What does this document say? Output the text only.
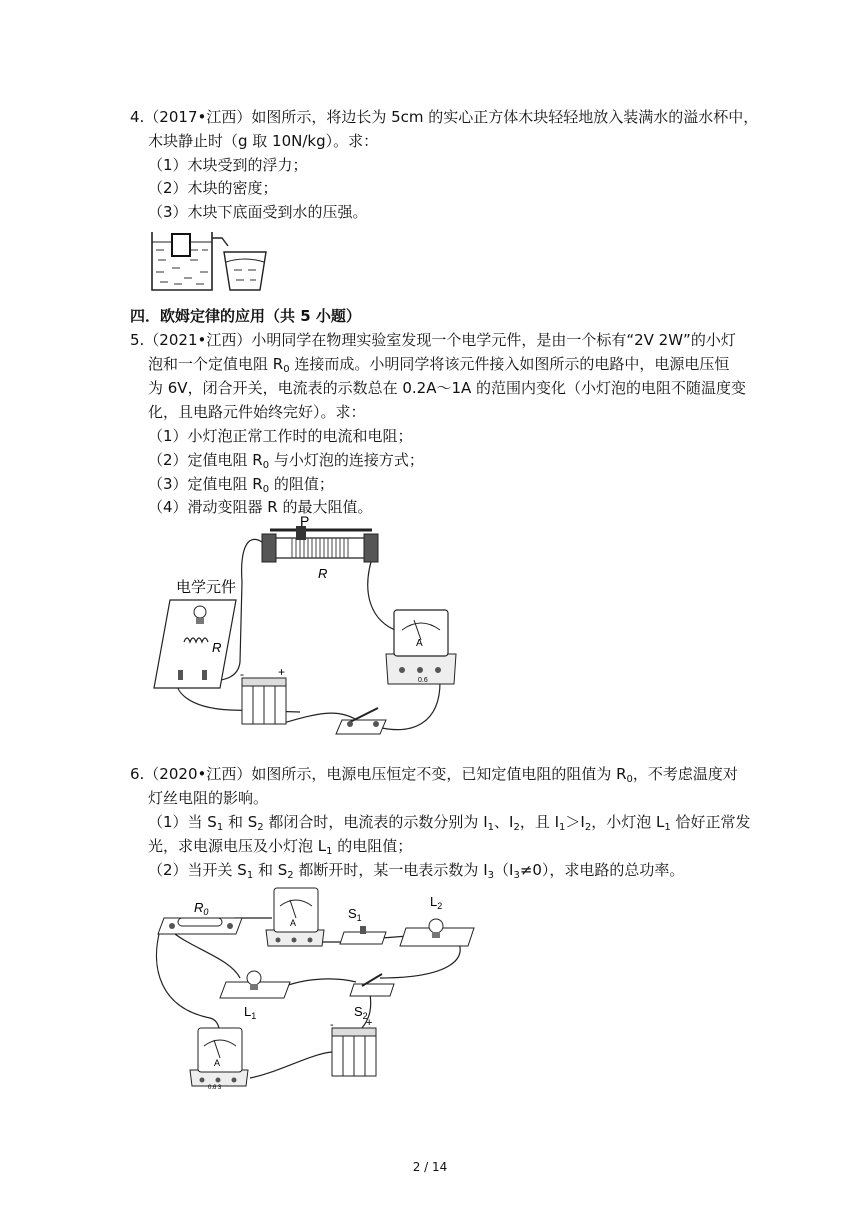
4.（2017•江西）如图所示，将边长为 5cm 的实心正方体木块轻轻地放入装满水的溢水杯中，
木块静止时（g 取 10N/kg）。求：
（1）木块受到的浮力；
（2）木块的密度；
（3）木块下底面受到水的压强。
四．欧姆定律的应用（共 5 小题）
5.（2021•江西）小明同学在物理实验室发现一个电学元件，是由一个标有“2V 2W”的小灯
泡和一个定值电阻 $R_0$ 连接而成。小明同学将该元件接入如图所示的电路中，电源电压恒
为 6V，闭合开关，电流表的示数总在 0.2A～1A 的范围内变化（小灯泡的电阻不随温度变
化，且电路元件始终完好）。求：
（1）小灯泡正常工作时的电流和电阻；
（2）定值电阻 $R_0$ 与小灯泡的连接方式；
（3）定值电阻 $R_0$ 的阻值；
（4）滑动变阻器 R 的最大阻值。
P
R
电学元件
R	A
0.6
-	+
6.（2020•江西）如图所示，电源电压恒定不变，已知定值电阻的阻值为 $R_0$，不考虑温度对
灯丝电阻的影响。
（1）当 $S_1$ 和 $S_2$ 都闭合时，电流表的示数分别为 $I_1$、$I_2$，且 $I_1>I_2$，小灯泡 $L_1$ 恰好正常发
光，求电源电压及小灯泡 $L_1$ 的电阻值；
（2）当开关 $S_1$ 和 $S_2$ 都断开时，某一电表示数为 $I_3(I_3\ne 0)$，求电路的总功率。
$R_0$
A
$S_1$
$L_2$
$L_1$	$S_2$
-	+
A
0.6 3
2 / 14
